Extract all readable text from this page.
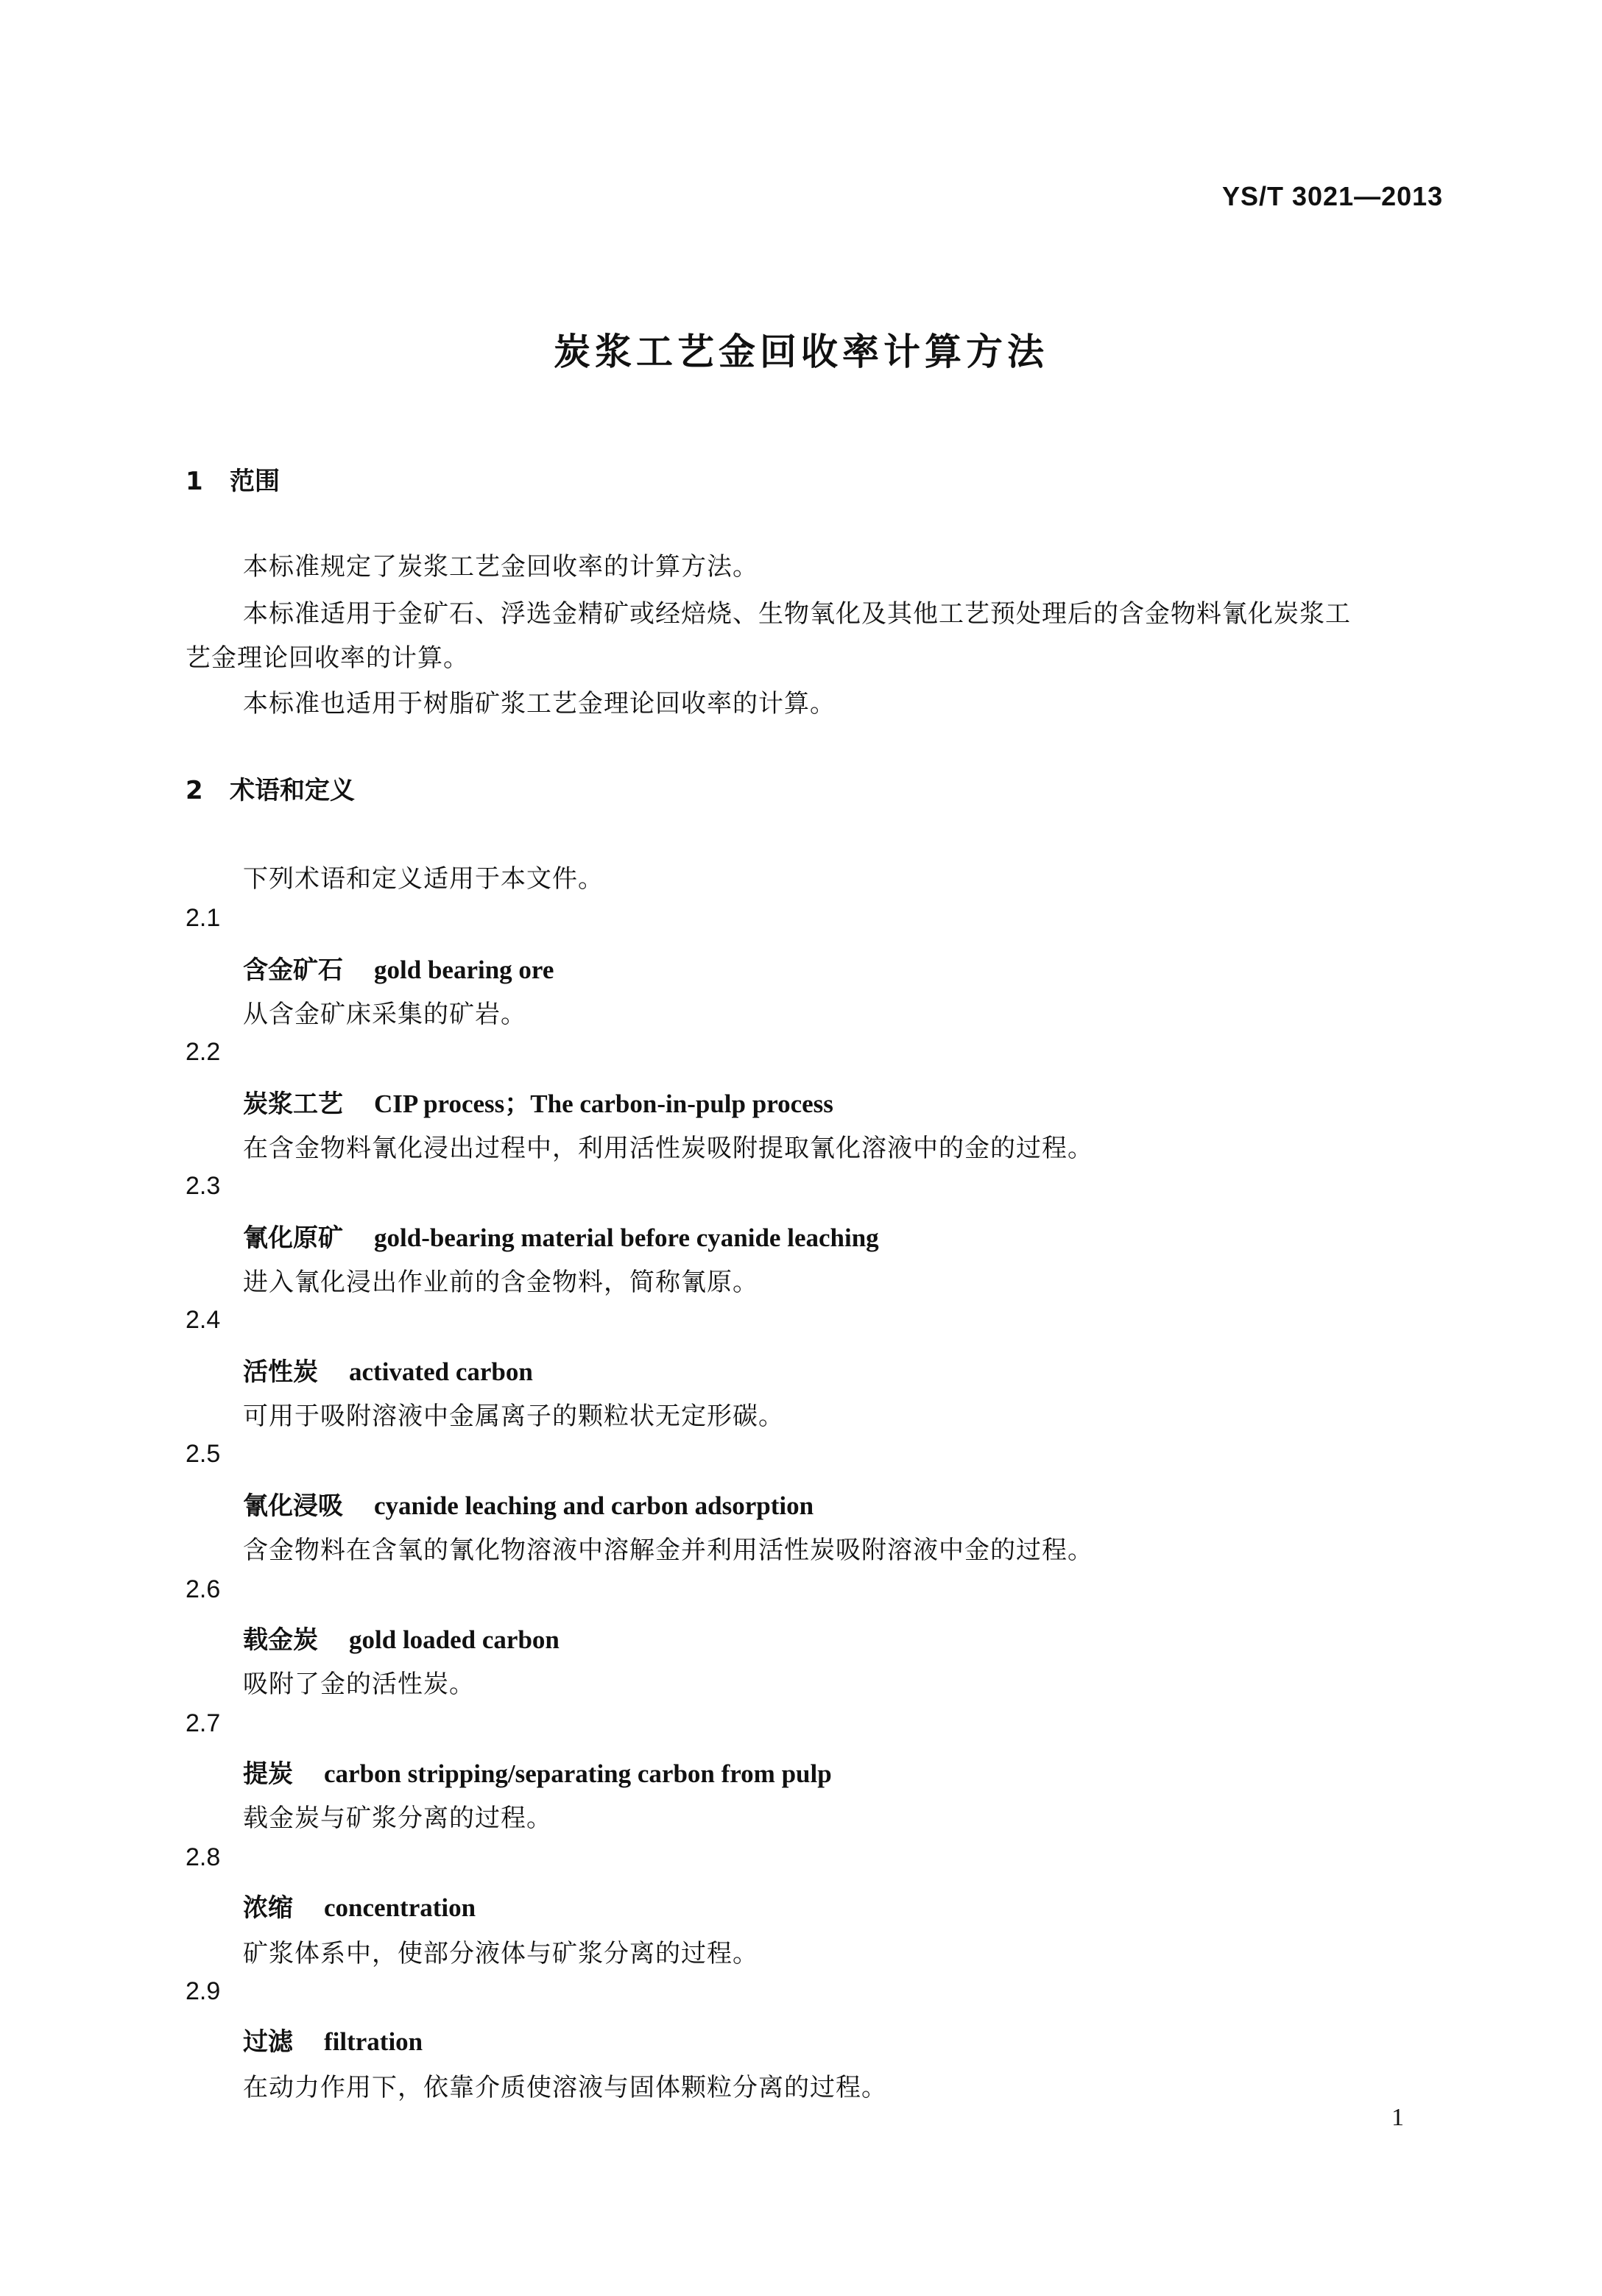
YS/T 3021—2013
炭浆工艺金回收率计算方法
1 范围
本标准规定了炭浆工艺金回收率的计算方法。
本标准适用于金矿石、浮选金精矿或经焙烧、生物氧化及其他工艺预处理后的含金物料氰化炭浆工
艺金理论回收率的计算。
本标准也适用于树脂矿浆工艺金理论回收率的计算。
2 术语和定义
下列术语和定义适用于本文件。
2.1
含金矿石 gold bearing ore
从含金矿床采集的矿岩。
2.2
炭浆工艺 CIP process；The carbon-in-pulp process
在含金物料氰化浸出过程中，利用活性炭吸附提取氰化溶液中的金的过程。
2.3
氰化原矿 gold-bearing material before cyanide leaching
进入氰化浸出作业前的含金物料，简称氰原。
2.4
活性炭 activated carbon
可用于吸附溶液中金属离子的颗粒状无定形碳。
2.5
氰化浸吸 cyanide leaching and carbon adsorption
含金物料在含氧的氰化物溶液中溶解金并利用活性炭吸附溶液中金的过程。
2.6
载金炭 gold loaded carbon
吸附了金的活性炭。
2.7
提炭 carbon stripping/separating carbon from pulp
载金炭与矿浆分离的过程。
2.8
浓缩 concentration
矿浆体系中，使部分液体与矿浆分离的过程。
2.9
过滤 filtration
在动力作用下，依靠介质使溶液与固体颗粒分离的过程。
1
